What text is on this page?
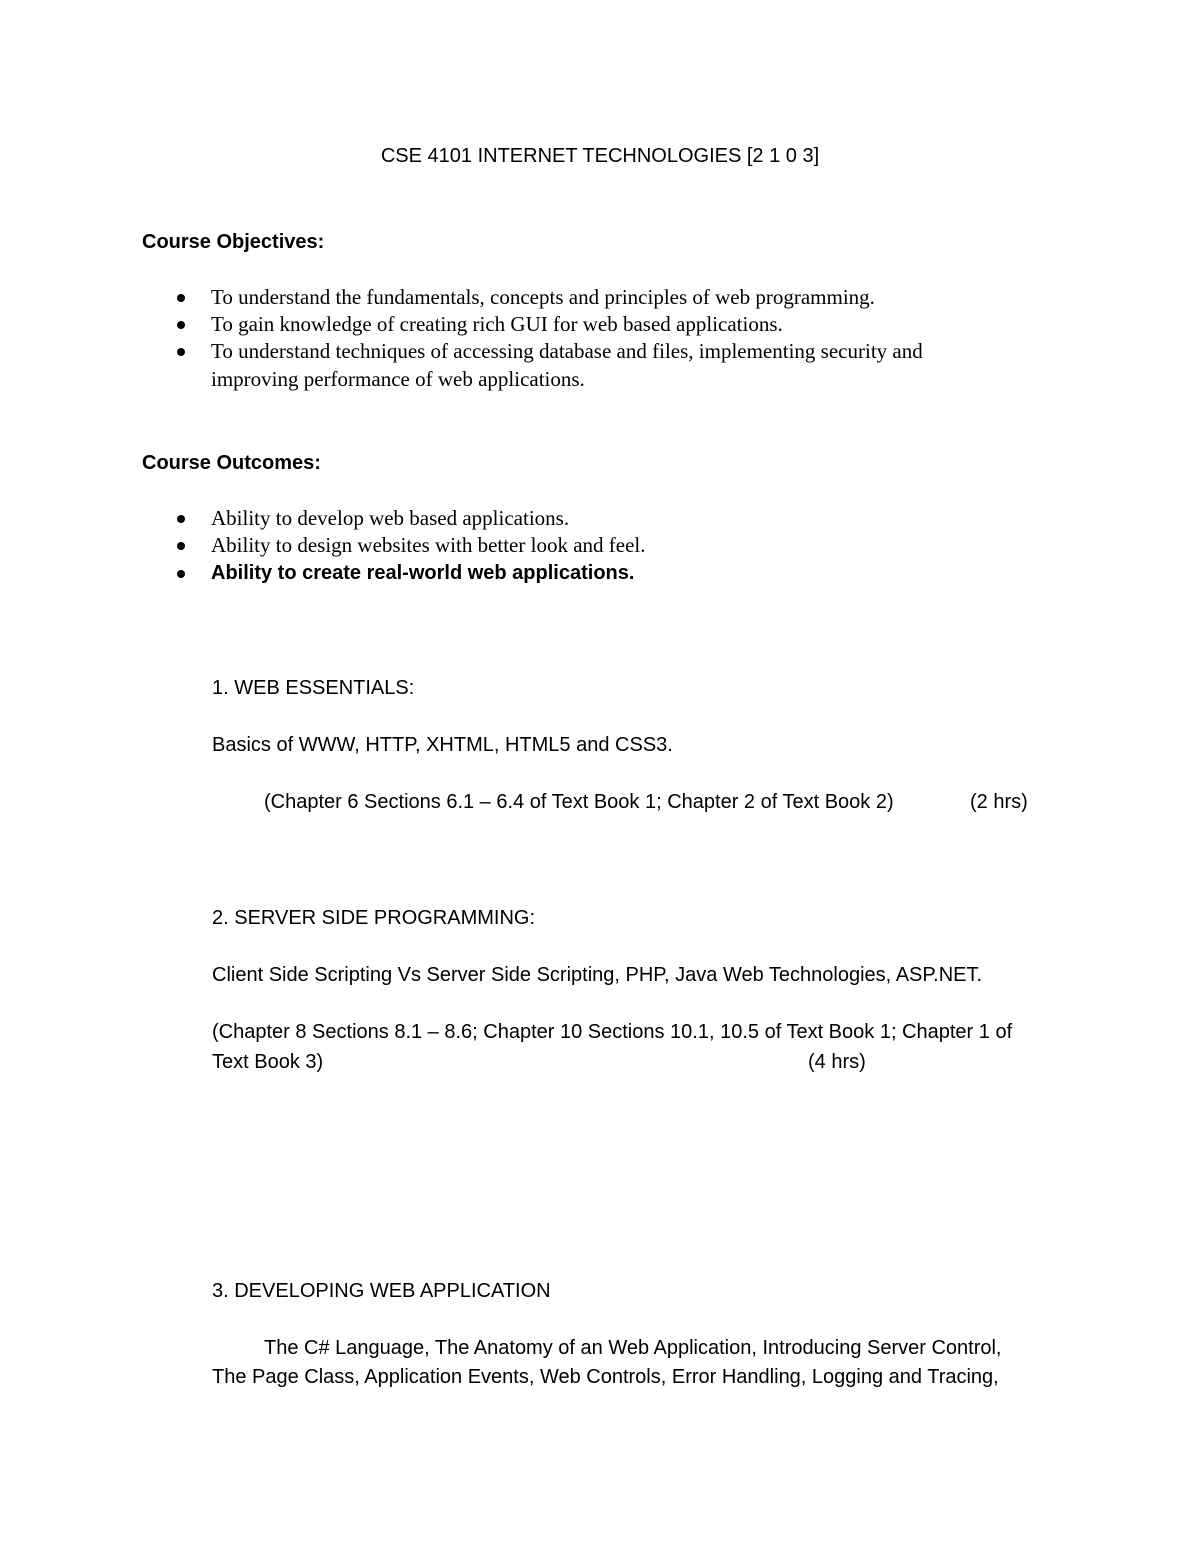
CSE 4101 INTERNET TECHNOLOGIES [2 1 0 3]
Course Objectives:
To understand the fundamentals, concepts and principles of web programming.
To gain knowledge of creating rich GUI for web based applications.
To understand techniques of accessing database and files, implementing security and
improving performance of web applications.
Course Outcomes:
Ability to develop web based applications.
Ability to design websites with better look and feel.
Ability to create real-world web applications.
1. WEB ESSENTIALS:
Basics of WWW, HTTP, XHTML, HTML5 and CSS3.
(Chapter 6 Sections 6.1 – 6.4 of Text Book 1; Chapter 2 of Text Book 2)	(2 hrs)
2. SERVER SIDE PROGRAMMING:
Client Side Scripting Vs Server Side Scripting, PHP, Java Web Technologies, ASP.NET.
(Chapter 8 Sections 8.1 – 8.6; Chapter 10 Sections 10.1, 10.5 of Text Book 1; Chapter 1 of
Text Book 3)	(4 hrs)
3. DEVELOPING WEB APPLICATION
The C# Language, The Anatomy of an Web Application, Introducing Server Control,
The Page Class, Application Events, Web Controls, Error Handling, Logging and Tracing,
